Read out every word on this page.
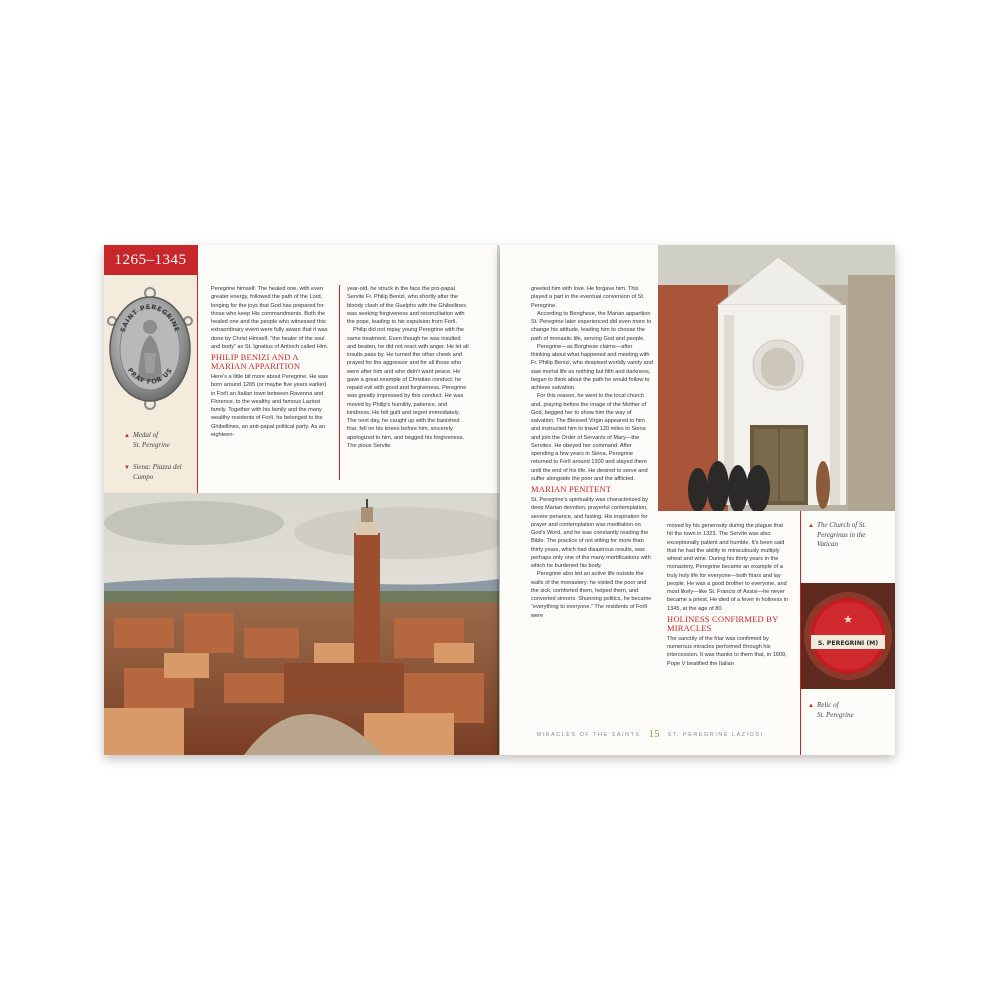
1265–1345
SAINT PEREGRINE
PRAY FOR US
▲ Medal of
St. Peregrine
▼ Siena: Piazza del
Campo

Peregrine himself. The healed one, with even greater energy, followed the path of the Lord, longing for the joys that God has prepared for those who keep His commandments. Both the healed one and the people who witnessed this extraordinary event were fully aware that it was done by Christ Himself, “the healer of the soul and body” as St. Ignatius of Antioch called Him.

PHILIP BENIZI AND A MARIAN APPARITION

Here's a little bit more about Peregrine. He was born around 1265 (or maybe five years earlier) in Forlì an Italian town between Ravenna and Florence, to the wealthy and famous Laziosi family. Together with his family and the many wealthy residents of Forlì, he belonged to the Ghibellines, an anti-papal political party. As an eighteen-

year-old, he struck in the face the pro-papal Servite Fr. Philip Benizi, who shortly after the bloody clash of the Guelphs with the Ghibellines was seeking forgiveness and reconciliation with the pope, leading to his expulsion from Forlì.

Philip did not repay young Peregrine with the same treatment. Even though he was insulted and beaten, he did not react with anger. He let all insults pass by. He turned the other cheek and prayed for the aggressor and for all those who were after him and who didn't want peace. He gave a great example of Christian conduct; he repaid evil with good and forgiveness. Peregrine was greatly impressed by this conduct. He was moved by Philip's humility, patience, and kindness. He felt guilt and regret immediately. The next day, he caught up with the banished friar, fell on his knees before him, sincerely apologized to him, and begged his forgiveness. The pious Servite

greeted him with love. He forgave him. This played a part in the eventual conversion of St. Peregrine.

According to Benghese, the Marian apparition St. Peregrine later experienced did even more to change his attitude, leading him to choose the path of monastic life, serving God and people.

Peregrine—as Borghese claims—after thinking about what happened and meeting with Fr. Philip Benizi, who despised worldly vanity and saw mortal life as nothing but filth and darkness, began to think about the path he would follow to achieve salvation.

For this reason, he went to the local church and, praying before the image of the Mother of God, begged her to show him the way of salvation. The Blessed Virgin appeared to him and instructed him to travel 120 miles to Siena and join the Order of Servants of Mary—the Servites. He obeyed her command. After spending a few years in Siena, Peregrine returned to Forlì around 1300 and stayed there until the end of his life. He desired to serve and suffer alongside the poor and the afflicted.

MARIAN PENITENT

St. Peregrine's spirituality was characterized by deep Marian devotion, prayerful contemplation, severe penance, and fasting. His inspiration for prayer and contemplation was meditation on God's Word, and he was constantly reading the Bible. The practice of not sitting for more than thirty years, which had disastrous results, was perhaps only one of the many mortifications with which he burdened his body.

Peregrine also led an active life outside the walls of the monastery: he visited the poor and the sick, comforted them, helped them, and converted sinners. Shunning politics, he became “everything to everyone.” The residents of Forlì were

▲ The Church of St.
Peregrinus in the
Vatican
★
S. PEREGRINI (M)
▲ Relic of
St. Peregrine

moved by his generosity during the plague that hit the town in 1323. The Servite was also exceptionally patient and humble. It's been said that he had the ability to miraculously multiply wheat and wine. During his thirty years in the monastery, Peregrine became an example of a truly holy life for everyone—both friars and lay people. He was a good brother to everyone, and most likely—like St. Francis of Assisi—he never became a priest. He died of a fever in holiness in 1345, at the age of 80.

HOLINESS CONFIRMED BY MIRACLES

The sanctity of the friar was confirmed by numerous miracles performed through his intercession. It was thanks to them that, in 1609, Pope V beatified the Italian

MIRACLES OF THE SAINTS 15 ST. PEREGRINE LAZIOSI
